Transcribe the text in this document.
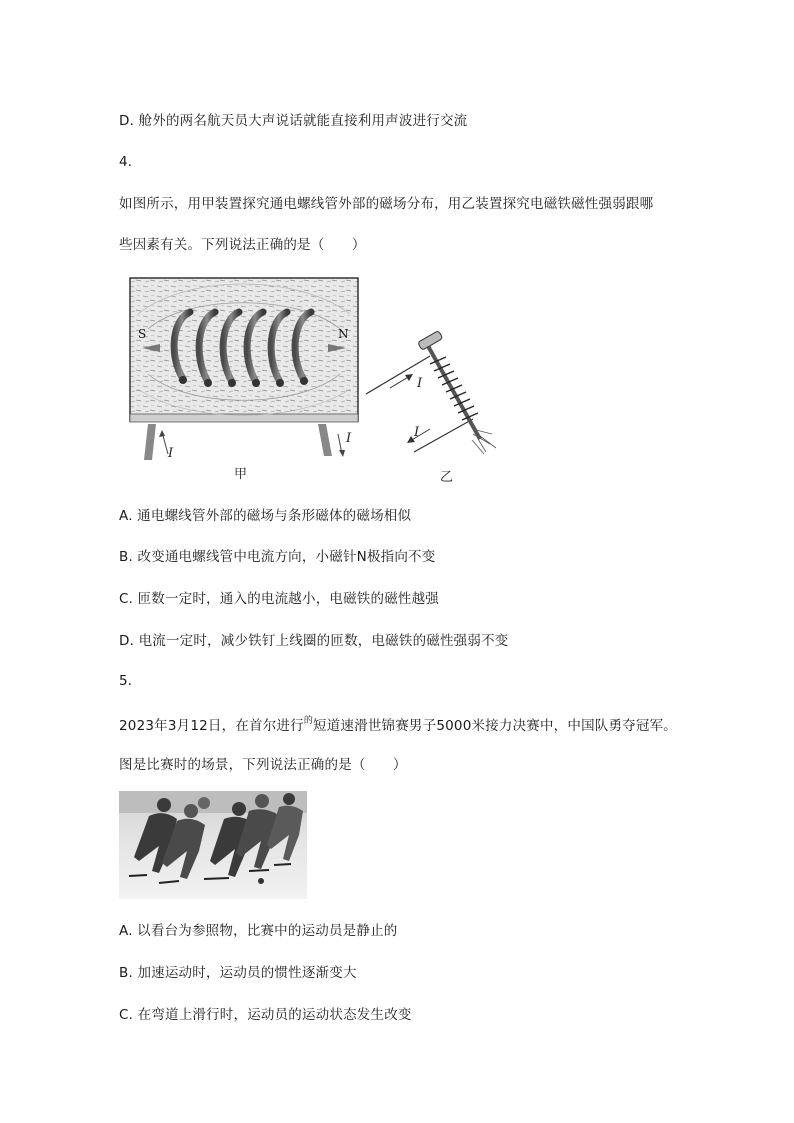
D. 舱外的两名航天员大声说话就能直接利用声波进行交流
4.
如图所示，用甲装置探究通电螺线管外部的磁场分布，用乙装置探究电磁铁磁性强弱跟哪
些因素有关。下列说法正确的是（　　）
S	N
I
I
甲
I
I
乙
A. 通电螺线管外部的磁场与条形磁体的磁场相似
B. 改变通电螺线管中电流方向，小磁针N极指向不变
C. 匝数一定时，通入的电流越小，电磁铁的磁性越强
D. 电流一定时，减少铁钉上线圈的匝数，电磁铁的磁性强弱不变
5.
2023年3月12日，在首尔进行$^的$短道速滑世锦赛男子5000米接力决赛中，中国队勇夺冠军。
图是比赛时的场景，下列说法正确的是（　　）
A. 以看台为参照物，比赛中的运动员是静止的
B. 加速运动时，运动员的惯性逐渐变大
C. 在弯道上滑行时，运动员的运动状态发生改变
